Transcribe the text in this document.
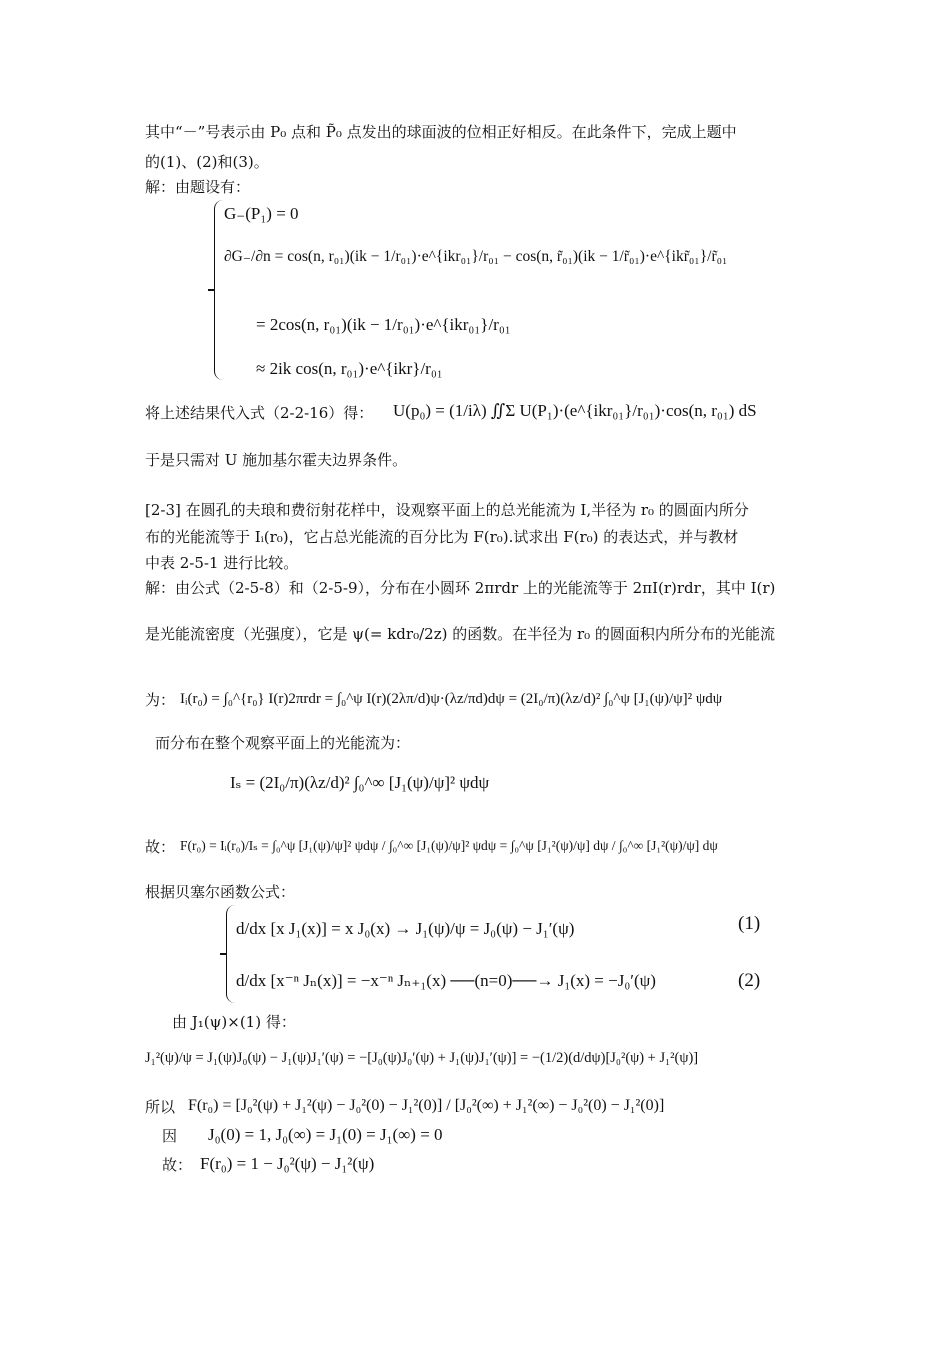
其中“－”号表示由 P₀ 点和 P̃₀ 点发出的球面波的位相正好相反。在此条件下，完成上题中
的(1)、(2)和(3)。
解：由题设有：
G₋(P₁) = 0
∂G₋/∂n = cos(n, r₀₁)(ik − 1/r₀₁)·e^{ikr₀₁}/r₀₁ − cos(n, r̃₀₁)(ik − 1/r̃₀₁)·e^{ikr̃₀₁}/r̃₀₁
= 2cos(n, r₀₁)(ik − 1/r₀₁)·e^{ikr₀₁}/r₀₁
≈ 2ik cos(n, r₀₁)·e^{ikr}/r₀₁
将上述结果代入式（2-2-16）得： U(p₀) = (1/iλ) ∬Σ U(P₁)·(e^{ikr₀₁}/r₀₁)·cos(n, r₀₁) dS
于是只需对 U 施加基尔霍夫边界条件。
[2-3] 在圆孔的夫琅和费衍射花样中，设观察平面上的总光能流为 I,半径为 r₀ 的圆面内所分
布的光能流等于 Iᵢ(r₀)，它占总光能流的百分比为 F(r₀).试求出 F(r₀) 的表达式，并与教材
中表 2-5-1 进行比较。
解：由公式（2-5-8）和（2-5-9），分布在小圆环 2πrdr 上的光能流等于 2πI(r)rdr，其中 I(r)
是光能流密度（光强度），它是 ψ(= kdr₀/2z) 的函数。在半径为 r₀ 的圆面积内所分布的光能流
为： Iᵢ(r₀) = ∫₀^{r₀} I(r)2πrdr = ∫₀^ψ I(r)(2λπ/d)ψ·(λz/πd)dψ = (2I₀/π)(λz/d)² ∫₀^ψ [J₁(ψ)/ψ]² ψdψ
而分布在整个观察平面上的光能流为：
Iₛ = (2I₀/π)(λz/d)² ∫₀^∞ [J₁(ψ)/ψ]² ψdψ
故： F(r₀) = Iᵢ(r₀)/Iₛ = ∫₀^ψ [J₁(ψ)/ψ]² ψdψ / ∫₀^∞ [J₁(ψ)/ψ]² ψdψ = ∫₀^ψ [J₁²(ψ)/ψ] dψ / ∫₀^∞ [J₁²(ψ)/ψ] dψ
根据贝塞尔函数公式：
d/dx [x J₁(x)] = x J₀(x) → J₁(ψ)/ψ = J₀(ψ) − J₁′(ψ)	(1)
d/dx [x⁻ⁿ Jₙ(x)] = −x⁻ⁿ Jₙ₊₁(x) ──(n=0)──→ J₁(x) = −J₀′(ψ)	(2)
由 J₁(ψ)×(1) 得：
J₁²(ψ)/ψ = J₁(ψ)J₀(ψ) − J₁(ψ)J₁′(ψ) = −[J₀(ψ)J₀′(ψ) + J₁(ψ)J₁′(ψ)] = −(1/2)(d/dψ)[J₀²(ψ) + J₁²(ψ)]
所以 F(r₀) = [J₀²(ψ) + J₁²(ψ) − J₀²(0) − J₁²(0)] / [J₀²(∞) + J₁²(∞) − J₀²(0) − J₁²(0)]
因 J₀(0) = 1, J₀(∞) = J₁(0) = J₁(∞) = 0
故： F(r₀) = 1 − J₀²(ψ) − J₁²(ψ)
